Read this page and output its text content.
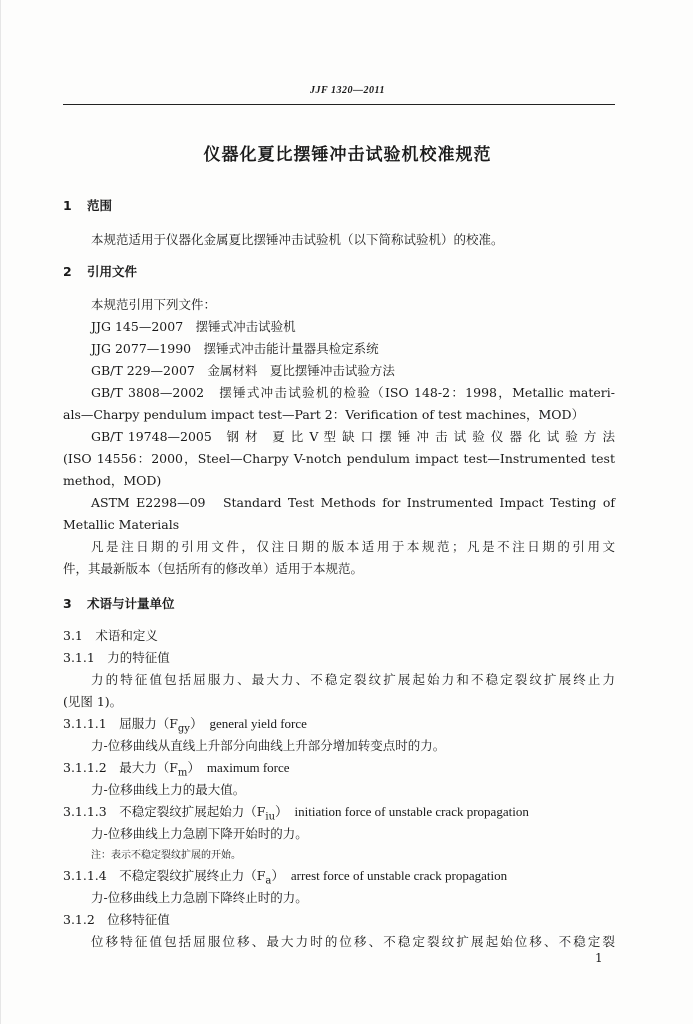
JJF 1320—2011
仪器化夏比摆锤冲击试验机校准规范
1 范围
本规范适用于仪器化金属夏比摆锤冲击试验机（以下简称试验机）的校准。
2 引用文件
本规范引用下列文件：
JJG 145—2007　摆锤式冲击试验机
JJG 2077—1990　摆锤式冲击能计量器具检定系统
GB/T 229—2007　金属材料　夏比摆锤冲击试验方法
GB/T 3808—2002　摆锤式冲击试验机的检验（ISO 148-2：1998，Metallic materi-
als—Charpy pendulum impact test—Part 2：Verification of test machines，MOD）
GB/T 19748—2005　钢 材　夏 比 V 型 缺 口 摆 锤 冲 击 试 验 仪 器 化 试 验 方 法
(ISO 14556：2000，Steel—Charpy V-notch pendulum impact test—Instrumented test
method，MOD)
ASTM E2298—09　Standard Test Methods for Instrumented Impact Testing of
Metallic Materials
凡是注日期的引用文件，仅注日期的版本适用于本规范；凡是不注日期的引用文
件，其最新版本（包括所有的修改单）适用于本规范。
3 术语与计量单位
3.1　术语和定义
3.1.1　力的特征值
力的特征值包括屈服力、最大力、不稳定裂纹扩展起始力和不稳定裂纹扩展终止力
(见图 1)。
3.1.1.1　屈服力$(F_{gy})$　general yield force
力-位移曲线从直线上升部分向曲线上升部分增加转变点时的力。
3.1.1.2　最大力$(F_m)$　maximum force
力-位移曲线上力的最大值。
3.1.1.3　不稳定裂纹扩展起始力$(F_{iu})$　initiation force of unstable crack propagation
力-位移曲线上力急剧下降开始时的力。
注：表示不稳定裂纹扩展的开始。
3.1.1.4　不稳定裂纹扩展终止力$(F_a)$　arrest force of unstable crack propagation
力-位移曲线上力急剧下降终止时的力。
3.1.2　位移特征值
位移特征值包括屈服位移、最大力时的位移、不稳定裂纹扩展起始位移、不稳定裂
1
